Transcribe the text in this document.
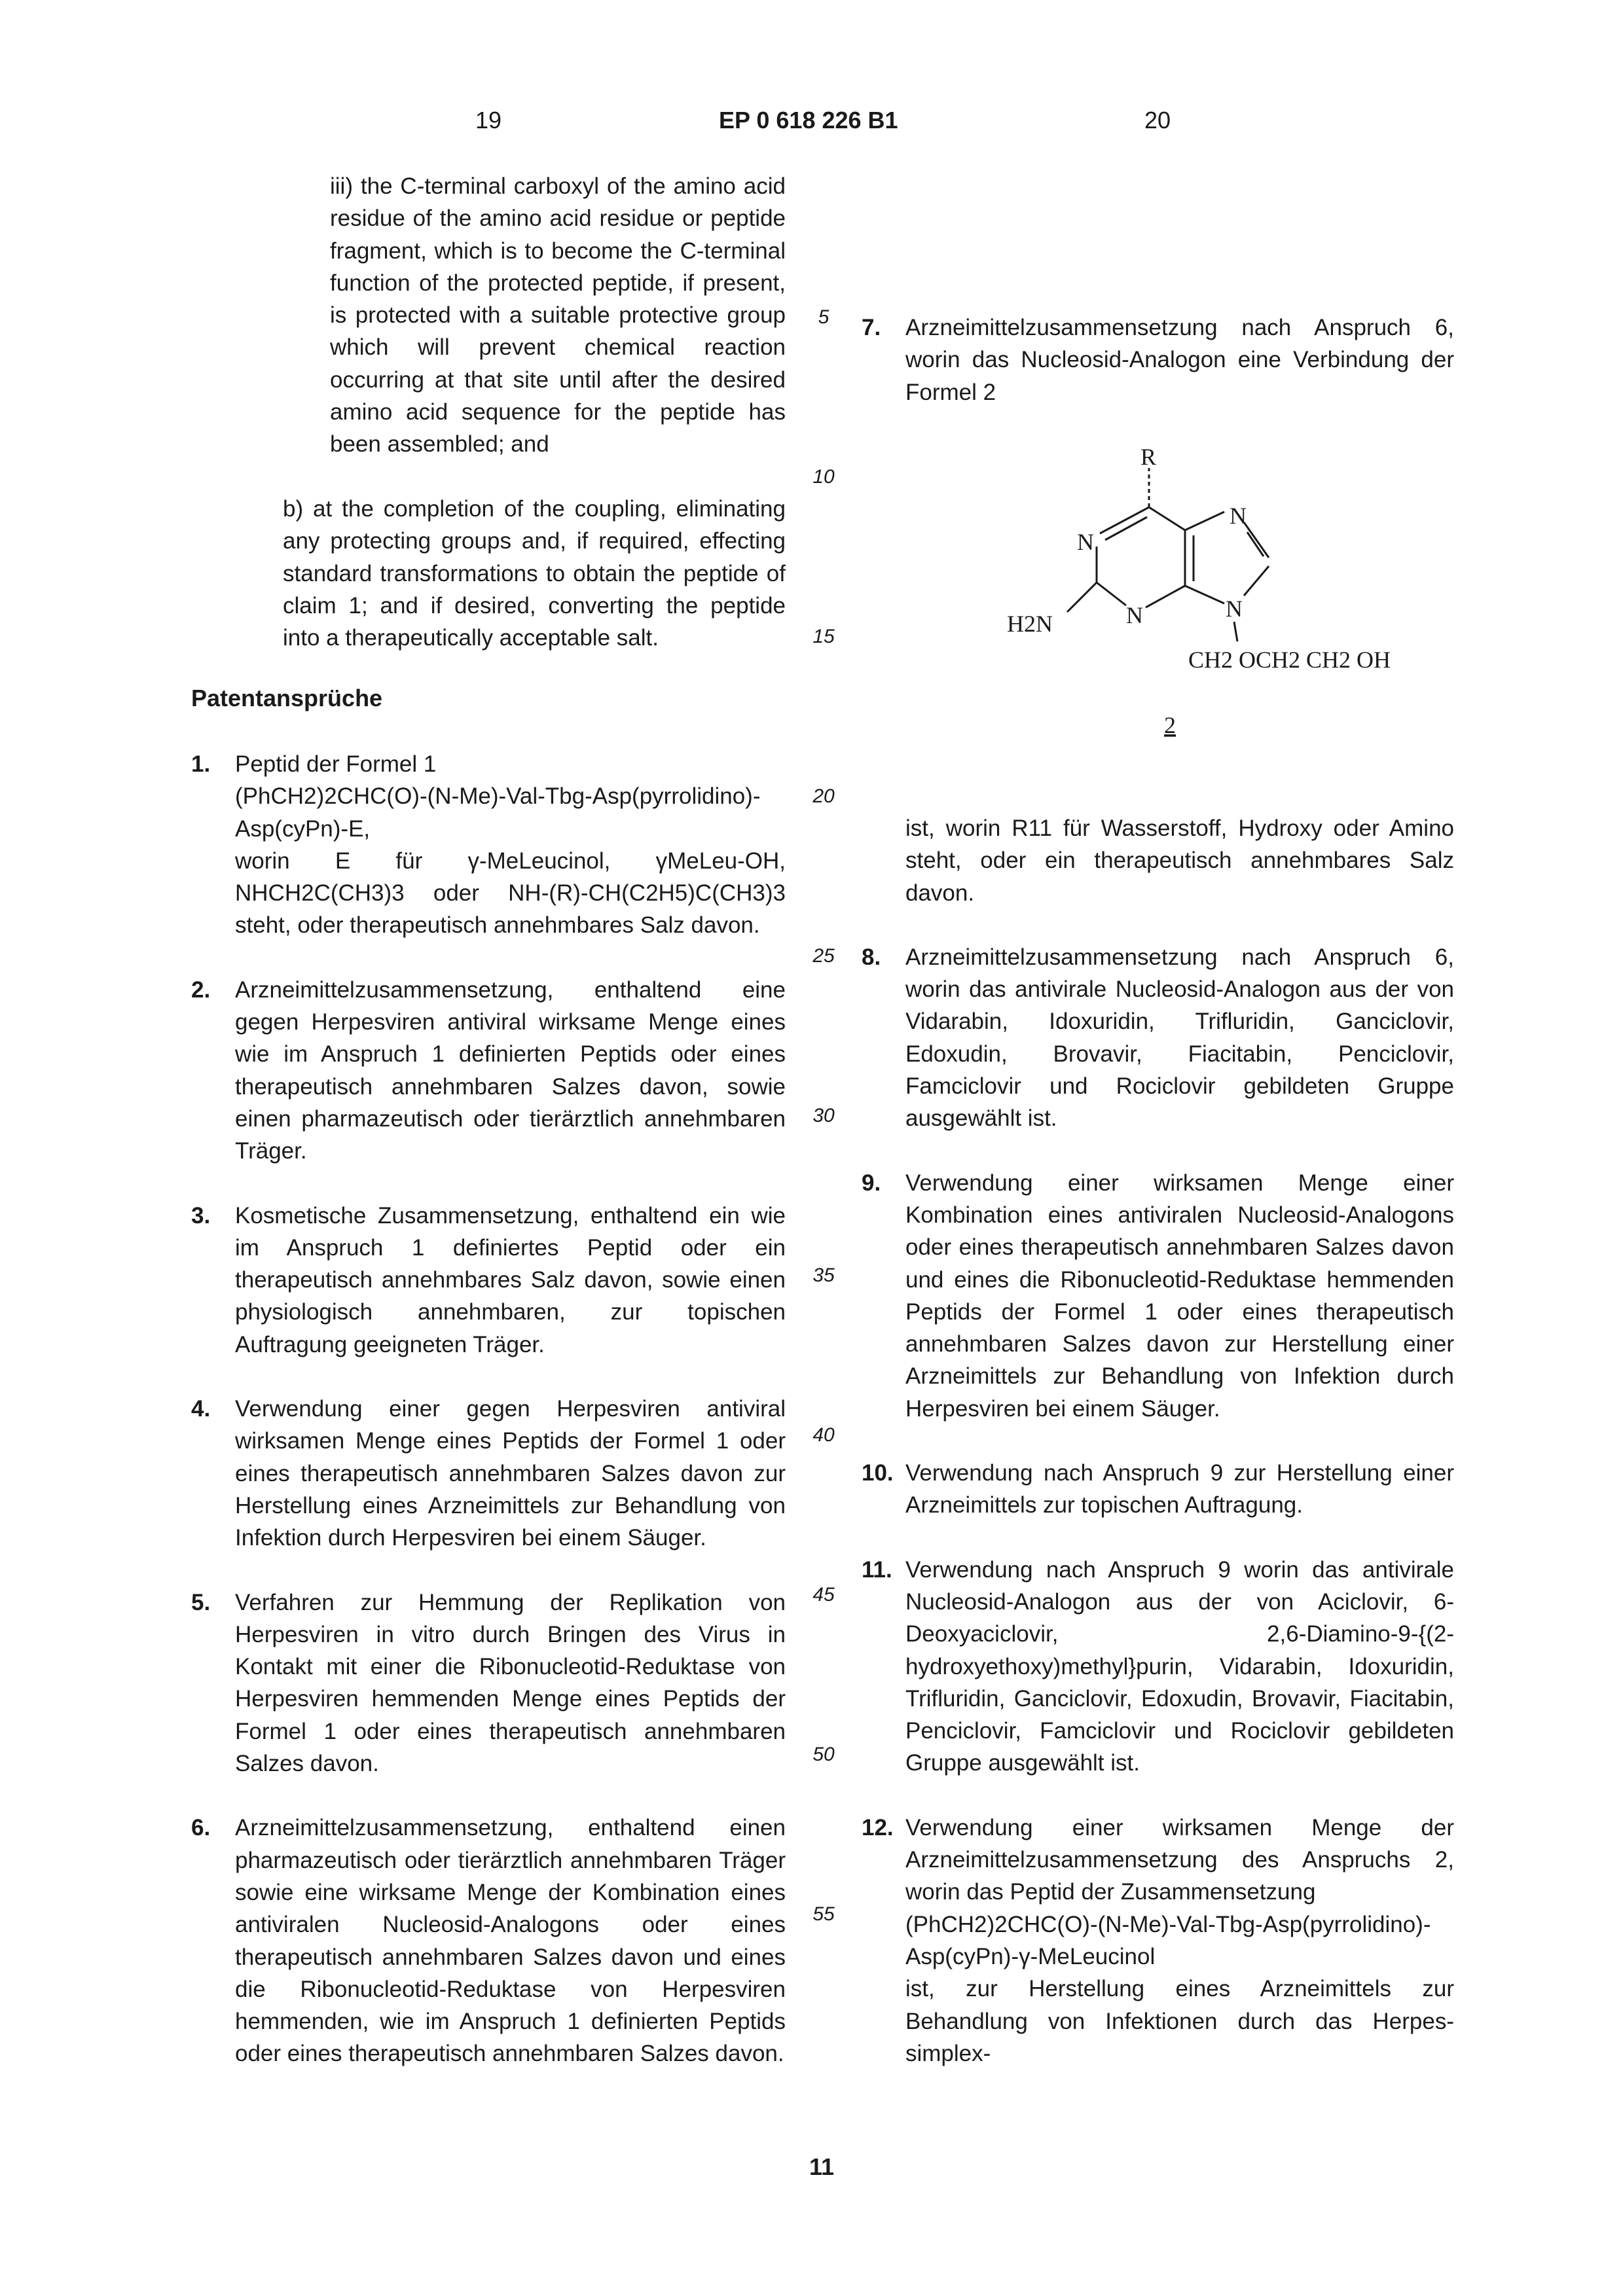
19	EP 0 618 226 B1	20
5
10
15
20
25
30
35
40
45
50
55

iii) the C-terminal carboxyl of the amino acid residue of the amino acid residue or peptide fragment, which is to become the C-terminal function of the protected peptide, if present, is protected with a suitable protective group which will prevent chemical reaction occurring at that site until after the desired amino acid sequence for the peptide has been assembled; and

b) at the completion of the coupling, eliminating any protecting groups and, if required, effecting standard transformations to obtain the peptide of claim 1; and if desired, converting the peptide into a therapeutically acceptable salt.

Patentansprüche
1. Peptid der Formel 1

(PhCH2)2CHC(O)-(N-Me)-Val-Tbg-Asp(pyrrolidino)-Asp(cyPn)-E,

worin E für γ-MeLeucinol, γMeLeu-OH, NHCH2C(CH3)3 oder NH-(R)-CH(C2H5)C(CH3)3 steht, oder therapeutisch annehmbares Salz davon.

2. Arzneimittelzusammensetzung, enthaltend eine gegen Herpesviren antiviral wirksame Menge eines wie im Anspruch 1 definierten Peptids oder eines therapeutisch annehmbaren Salzes davon, sowie einen pharmazeutisch oder tierärztlich annehmbaren Träger.

3. Kosmetische Zusammensetzung, enthaltend ein wie im Anspruch 1 definiertes Peptid oder ein therapeutisch annehmbares Salz davon, sowie einen physiologisch annehmbaren, zur topischen Auftragung geeigneten Träger.

4. Verwendung einer gegen Herpesviren antiviral wirksamen Menge eines Peptids der Formel 1 oder eines therapeutisch annehmbaren Salzes davon zur Herstellung eines Arzneimittels zur Behandlung von Infektion durch Herpesviren bei einem Säuger.

5. Verfahren zur Hemmung der Replikation von Herpesviren in vitro durch Bringen des Virus in Kontakt mit einer die Ribonucleotid-Reduktase von Herpesviren hemmenden Menge eines Peptids der Formel 1 oder eines therapeutisch annehmbaren Salzes davon.

6. Arzneimittelzusammensetzung, enthaltend einen pharmazeutisch oder tierärztlich annehmbaren Träger sowie eine wirksame Menge der Kombination eines antiviralen Nucleosid-Analogons oder eines therapeutisch annehmbaren Salzes davon und eines die Ribonucleotid-Reduktase von Herpesviren hemmenden, wie im Anspruch 1 definierten Peptids oder eines therapeutisch annehmbaren Salzes davon.

7. Arzneimittelzusammensetzung nach Anspruch 6, worin das Nucleosid-Analogon eine Verbindung der Formel 2

R
N
N
N	N
H2N
CH2 OCH2 CH2 OH
2

ist, worin R11 für Wasserstoff, Hydroxy oder Amino steht, oder ein therapeutisch annehmbares Salz davon.

8. Arzneimittelzusammensetzung nach Anspruch 6, worin das antivirale Nucleosid-Analogon aus der von Vidarabin, Idoxuridin, Trifluridin, Ganciclovir, Edoxudin, Brovavir, Fiacitabin, Penciclovir, Famciclovir und Rociclovir gebildeten Gruppe ausgewählt ist.

9. Verwendung einer wirksamen Menge einer Kombination eines antiviralen Nucleosid-Analogons oder eines therapeutisch annehmbaren Salzes davon und eines die Ribonucleotid-Reduktase hemmenden Peptids der Formel 1 oder eines therapeutisch annehmbaren Salzes davon zur Herstellung einer Arzneimittels zur Behandlung von Infektion durch Herpesviren bei einem Säuger.

10. Verwendung nach Anspruch 9 zur Herstellung einer Arzneimittels zur topischen Auftragung.

11. Verwendung nach Anspruch 9 worin das antivirale Nucleosid-Analogon aus der von Aciclovir, 6-Deoxyaciclovir, 2,6-Diamino-9-{(2-hydroxyethoxy)methyl}purin, Vidarabin, Idoxuridin, Trifluridin, Ganciclovir, Edoxudin, Brovavir, Fiacitabin, Penciclovir, Famciclovir und Rociclovir gebildeten Gruppe ausgewählt ist.

12. Verwendung einer wirksamen Menge der Arzneimittelzusammensetzung des Anspruchs 2, worin das Peptid der Zusammensetzung

(PhCH2)2CHC(O)-(N-Me)-Val-Tbg-Asp(pyrrolidino)-Asp(cyPn)-γ-MeLeucinol

ist, zur Herstellung eines Arzneimittels zur Behandlung von Infektionen durch das Herpes-simplex-

11
